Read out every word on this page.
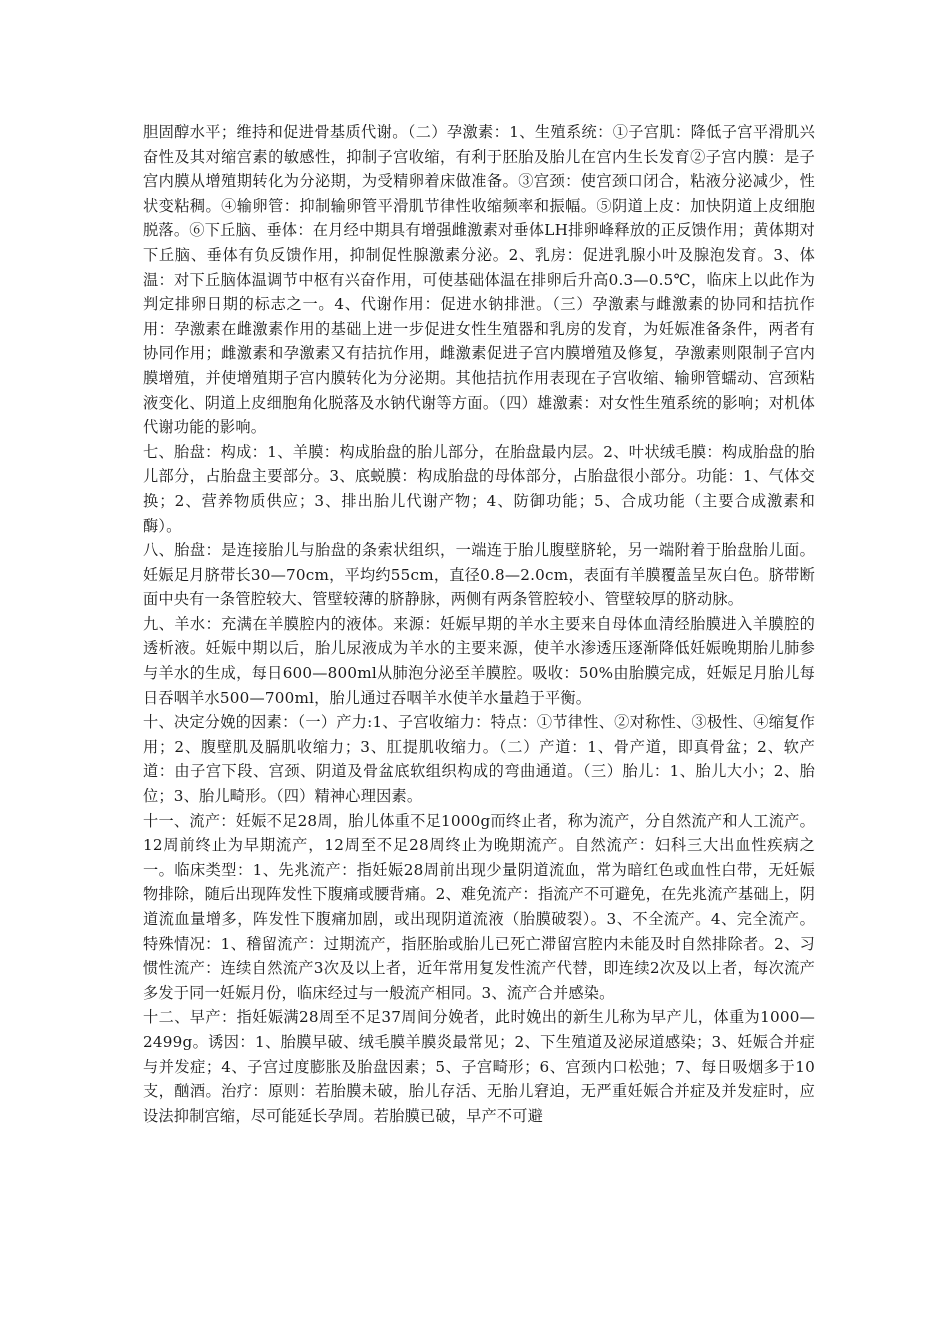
胆固醇水平；维持和促进骨基质代谢。（二）孕激素：1、生殖系统：①子宫肌：降低子宫平滑肌兴奋性及其对缩宫素的敏感性，抑制子宫收缩，有利于胚胎及胎儿在宫内生长发育②子宫内膜：是子宫内膜从增殖期转化为分泌期，为受精卵着床做准备。③宫颈：使宫颈口闭合，粘液分泌减少，性状变粘稠。④输卵管：抑制输卵管平滑肌节律性收缩频率和振幅。⑤阴道上皮：加快阴道上皮细胞脱落。⑥下丘脑、垂体：在月经中期具有增强雌激素对垂体LH排卵峰释放的正反馈作用；黄体期对下丘脑、垂体有负反馈作用，抑制促性腺激素分泌。2、乳房：促进乳腺小叶及腺泡发育。3、体温：对下丘脑体温调节中枢有兴奋作用，可使基础体温在排卵后升高0.3—0.5℃，临床上以此作为判定排卵日期的标志之一。4、代谢作用：促进水钠排泄。（三）孕激素与雌激素的协同和拮抗作用：孕激素在雌激素作用的基础上进一步促进女性生殖器和乳房的发育，为妊娠准备条件，两者有协同作用；雌激素和孕激素又有拮抗作用，雌激素促进子宫内膜增殖及修复，孕激素则限制子宫内膜增殖，并使增殖期子宫内膜转化为分泌期。其他拮抗作用表现在子宫收缩、输卵管蠕动、宫颈粘液变化、阴道上皮细胞角化脱落及水钠代谢等方面。（四）雄激素：对女性生殖系统的影响；对机体代谢功能的影响。

七、胎盘：构成：1、羊膜：构成胎盘的胎儿部分，在胎盘最内层。2、叶状绒毛膜：构成胎盘的胎儿部分，占胎盘主要部分。3、底蜕膜：构成胎盘的母体部分，占胎盘很小部分。功能：1、气体交换；2、营养物质供应；3、排出胎儿代谢产物；4、防御功能；5、合成功能（主要合成激素和酶）。

八、胎盘：是连接胎儿与胎盘的条索状组织，一端连于胎儿腹壁脐轮，另一端附着于胎盘胎儿面。妊娠足月脐带长30—70cm，平均约55cm，直径0.8—2.0cm，表面有羊膜覆盖呈灰白色。脐带断面中央有一条管腔较大、管壁较薄的脐静脉，两侧有两条管腔较小、管壁较厚的脐动脉。

九、羊水：充满在羊膜腔内的液体。来源：妊娠早期的羊水主要来自母体血清经胎膜进入羊膜腔的透析液。妊娠中期以后，胎儿尿液成为羊水的主要来源，使羊水渗透压逐渐降低妊娠晚期胎儿肺参与羊水的生成，每日600—800ml从肺泡分泌至羊膜腔。吸收：50%由胎膜完成，妊娠足月胎儿每日吞咽羊水500—700ml，胎儿通过吞咽羊水使羊水量趋于平衡。

十、决定分娩的因素：（一）产力:1、子宫收缩力：特点：①节律性、②对称性、③极性、④缩复作用；2、腹壁肌及膈肌收缩力；3、肛提肌收缩力。（二）产道：1、骨产道，即真骨盆；2、软产道：由子宫下段、宫颈、阴道及骨盆底软组织构成的弯曲通道。（三）胎儿：1、胎儿大小；2、胎位；3、胎儿畸形。（四）精神心理因素。

十一、流产：妊娠不足28周，胎儿体重不足1000g而终止者，称为流产，分自然流产和人工流产。12周前终止为早期流产，12周至不足28周终止为晚期流产。自然流产：妇科三大出血性疾病之一。临床类型：1、先兆流产：指妊娠28周前出现少量阴道流血，常为暗红色或血性白带，无妊娠物排除，随后出现阵发性下腹痛或腰背痛。2、难免流产：指流产不可避免，在先兆流产基础上，阴道流血量增多，阵发性下腹痛加剧，或出现阴道流液（胎膜破裂）。3、不全流产。4、完全流产。特殊情况：1、稽留流产：过期流产，指胚胎或胎儿已死亡滞留宫腔内未能及时自然排除者。2、习惯性流产：连续自然流产3次及以上者，近年常用复发性流产代替，即连续2次及以上者，每次流产多发于同一妊娠月份，临床经过与一般流产相同。3、流产合并感染。

十二、早产：指妊娠满28周至不足37周间分娩者，此时娩出的新生儿称为早产儿，体重为1000—2499g。诱因：1、胎膜早破、绒毛膜羊膜炎最常见；2、下生殖道及泌尿道感染；3、妊娠合并症与并发症；4、子宫过度膨胀及胎盘因素；5、子宫畸形；6、宫颈内口松弛；7、每日吸烟多于10支，酗酒。治疗：原则：若胎膜未破，胎儿存活、无胎儿窘迫，无严重妊娠合并症及并发症时，应设法抑制宫缩，尽可能延长孕周。若胎膜已破，早产不可避
